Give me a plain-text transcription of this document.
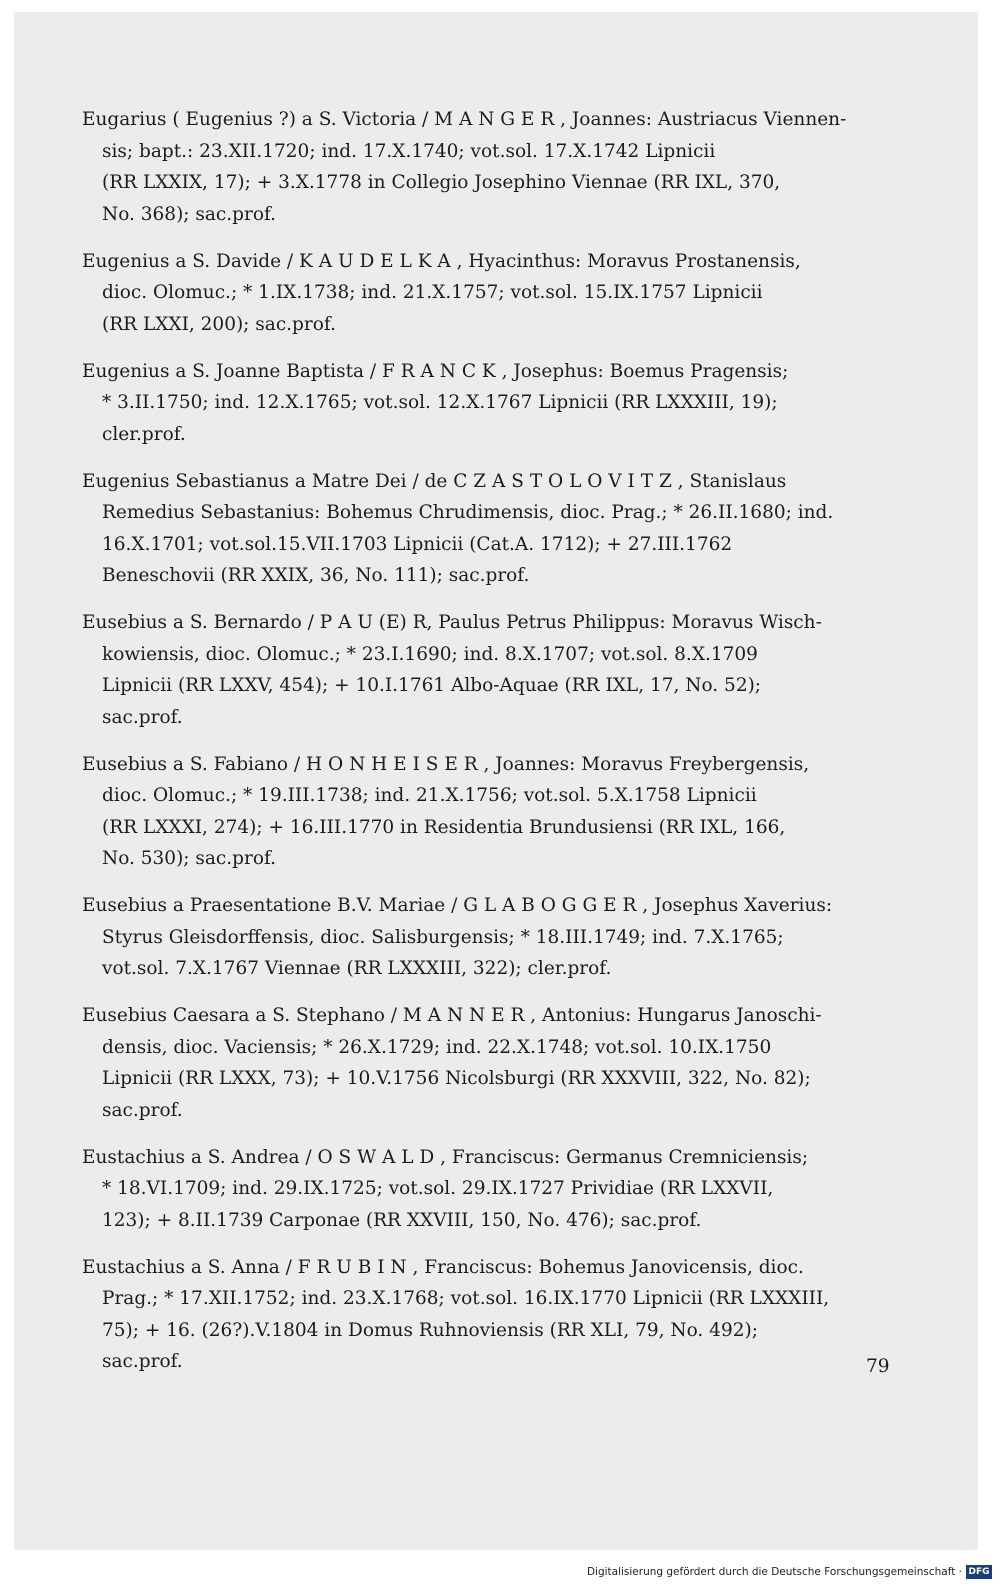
Eugarius ( Eugenius ?) a S. Victoria / M A N G E R , Joannes: Austriacus Viennen-
sis; bapt.: 23.XII.1720; ind. 17.X.1740; vot.sol. 17.X.1742 Lipnicii
(RR LXXIX, 17); + 3.X.1778 in Collegio Josephino Viennae (RR IXL, 370,
No. 368); sac.prof.
Eugenius a S. Davide / K A U D E L K A , Hyacinthus: Moravus Prostanensis,
dioc. Olomuc.; * 1.IX.1738; ind. 21.X.1757; vot.sol. 15.IX.1757 Lipnicii
(RR LXXI, 200); sac.prof.
Eugenius a S. Joanne Baptista / F R A N C K , Josephus: Boemus Pragensis;
* 3.II.1750; ind. 12.X.1765; vot.sol. 12.X.1767 Lipnicii (RR LXXXIII, 19);
cler.prof.
Eugenius Sebastianus a Matre Dei / de C Z A S T O L O V I T Z , Stanislaus
Remedius Sebastanius: Bohemus Chrudimensis, dioc. Prag.; * 26.II.1680; ind.
16.X.1701; vot.sol.15.VII.1703 Lipnicii (Cat.A. 1712); + 27.III.1762
Beneschovii (RR XXIX, 36, No. 111); sac.prof.
Eusebius a S. Bernardo / P A U (E) R, Paulus Petrus Philippus: Moravus Wisch-
kowiensis, dioc. Olomuc.; * 23.I.1690; ind. 8.X.1707; vot.sol. 8.X.1709
Lipnicii (RR LXXV, 454); + 10.I.1761 Albo-Aquae (RR IXL, 17, No. 52);
sac.prof.
Eusebius a S. Fabiano / H O N H E I S E R , Joannes: Moravus Freybergensis,
dioc. Olomuc.; * 19.III.1738; ind. 21.X.1756; vot.sol. 5.X.1758 Lipnicii
(RR LXXXI, 274); + 16.III.1770 in Residentia Brundusiensi (RR IXL, 166,
No. 530); sac.prof.
Eusebius a Praesentatione B.V. Mariae / G L A B O G G E R , Josephus Xaverius:
Styrus Gleisdorffensis, dioc. Salisburgensis; * 18.III.1749; ind. 7.X.1765;
vot.sol. 7.X.1767 Viennae (RR LXXXIII, 322); cler.prof.
Eusebius Caesara a S. Stephano / M A N N E R , Antonius: Hungarus Janoschi-
densis, dioc. Vaciensis; * 26.X.1729; ind. 22.X.1748; vot.sol. 10.IX.1750
Lipnicii (RR LXXX, 73); + 10.V.1756 Nicolsburgi (RR XXXVIII, 322, No. 82);
sac.prof.
Eustachius a S. Andrea / O S W A L D , Franciscus: Germanus Cremniciensis;
* 18.VI.1709; ind. 29.IX.1725; vot.sol. 29.IX.1727 Prividiae (RR LXXVII,
123); + 8.II.1739 Carponae (RR XXVIII, 150, No. 476); sac.prof.
Eustachius a S. Anna / F R U B I N , Franciscus: Bohemus Janovicensis, dioc.
Prag.; * 17.XII.1752; ind. 23.X.1768; vot.sol. 16.IX.1770 Lipnicii (RR LXXXIII,
75); + 16. (26?).V.1804 in Domus Ruhnoviensis (RR XLI, 79, No. 492);
sac.prof.	79
Digitalisierung gefördert durch die Deutsche Forschungsgemeinschaft · DFG
